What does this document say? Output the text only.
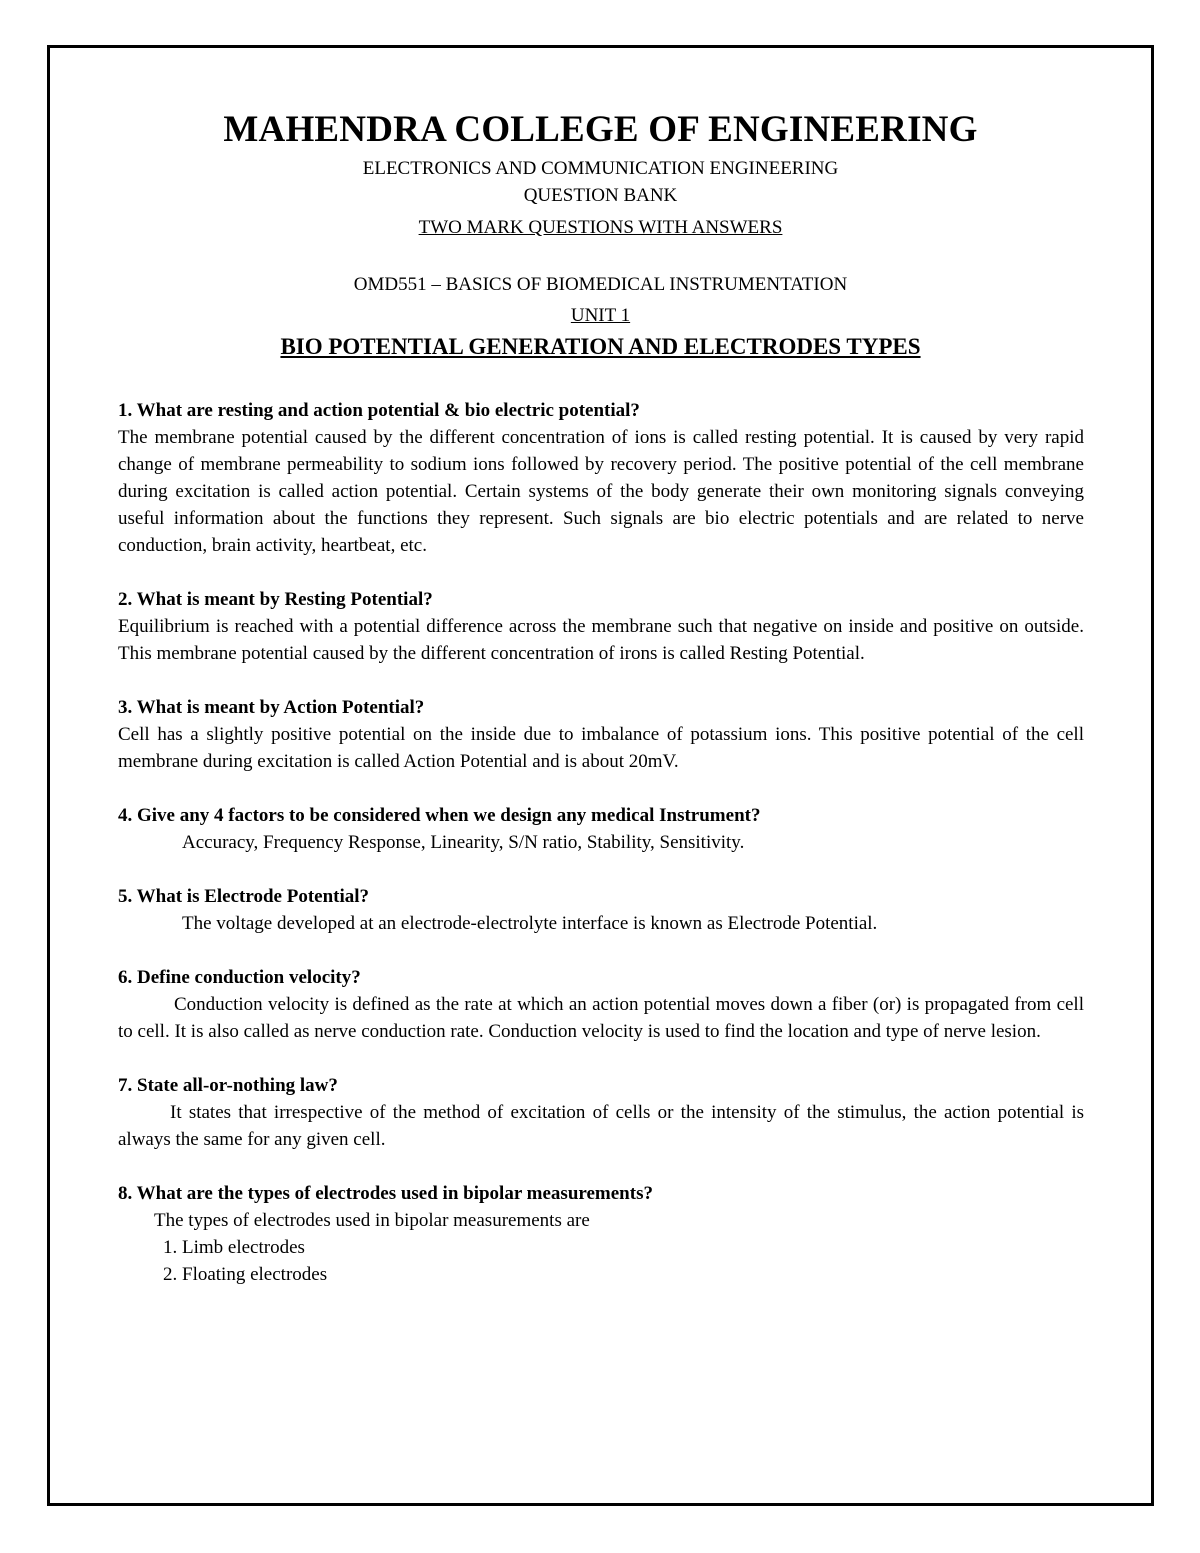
MAHENDRA COLLEGE OF ENGINEERING
ELECTRONICS AND COMMUNICATION ENGINEERING
QUESTION BANK
TWO MARK QUESTIONS WITH ANSWERS
OMD551 – BASICS OF BIOMEDICAL INSTRUMENTATION
UNIT 1
BIO POTENTIAL GENERATION AND ELECTRODES TYPES

1. What are resting and action potential & bio electric potential?

The membrane potential caused by the different concentration of ions is called resting potential. It is caused by very rapid change of membrane permeability to sodium ions followed by recovery period. The positive potential of the cell membrane during excitation is called action potential. Certain systems of the body generate their own monitoring signals conveying useful information about the functions they represent. Such signals are bio electric potentials and are related to nerve conduction, brain activity, heartbeat, etc.

2. What is meant by Resting Potential?

Equilibrium is reached with a potential difference across the membrane such that negative on inside and positive on outside. This membrane potential caused by the different concentration of irons is called Resting Potential.

3. What is meant by Action Potential?

Cell has a slightly positive potential on the inside due to imbalance of potassium ions. This positive potential of the cell membrane during excitation is called Action Potential and is about 20mV.

4. Give any 4 factors to be considered when we design any medical Instrument?

Accuracy, Frequency Response, Linearity, S/N ratio, Stability, Sensitivity.

5. What is Electrode Potential?

The voltage developed at an electrode-electrolyte interface is known as Electrode Potential.

6. Define conduction velocity?

Conduction velocity is defined as the rate at which an action potential moves down a fiber (or) is propagated from cell to cell. It is also called as nerve conduction rate. Conduction velocity is used to find the location and type of nerve lesion.

7. State all-or-nothing law?

It states that irrespective of the method of excitation of cells or the intensity of the stimulus, the action potential is always the same for any given cell.

8. What are the types of electrodes used in bipolar measurements?

The types of electrodes used in bipolar measurements are

1. Limb electrodes

2. Floating electrodes
